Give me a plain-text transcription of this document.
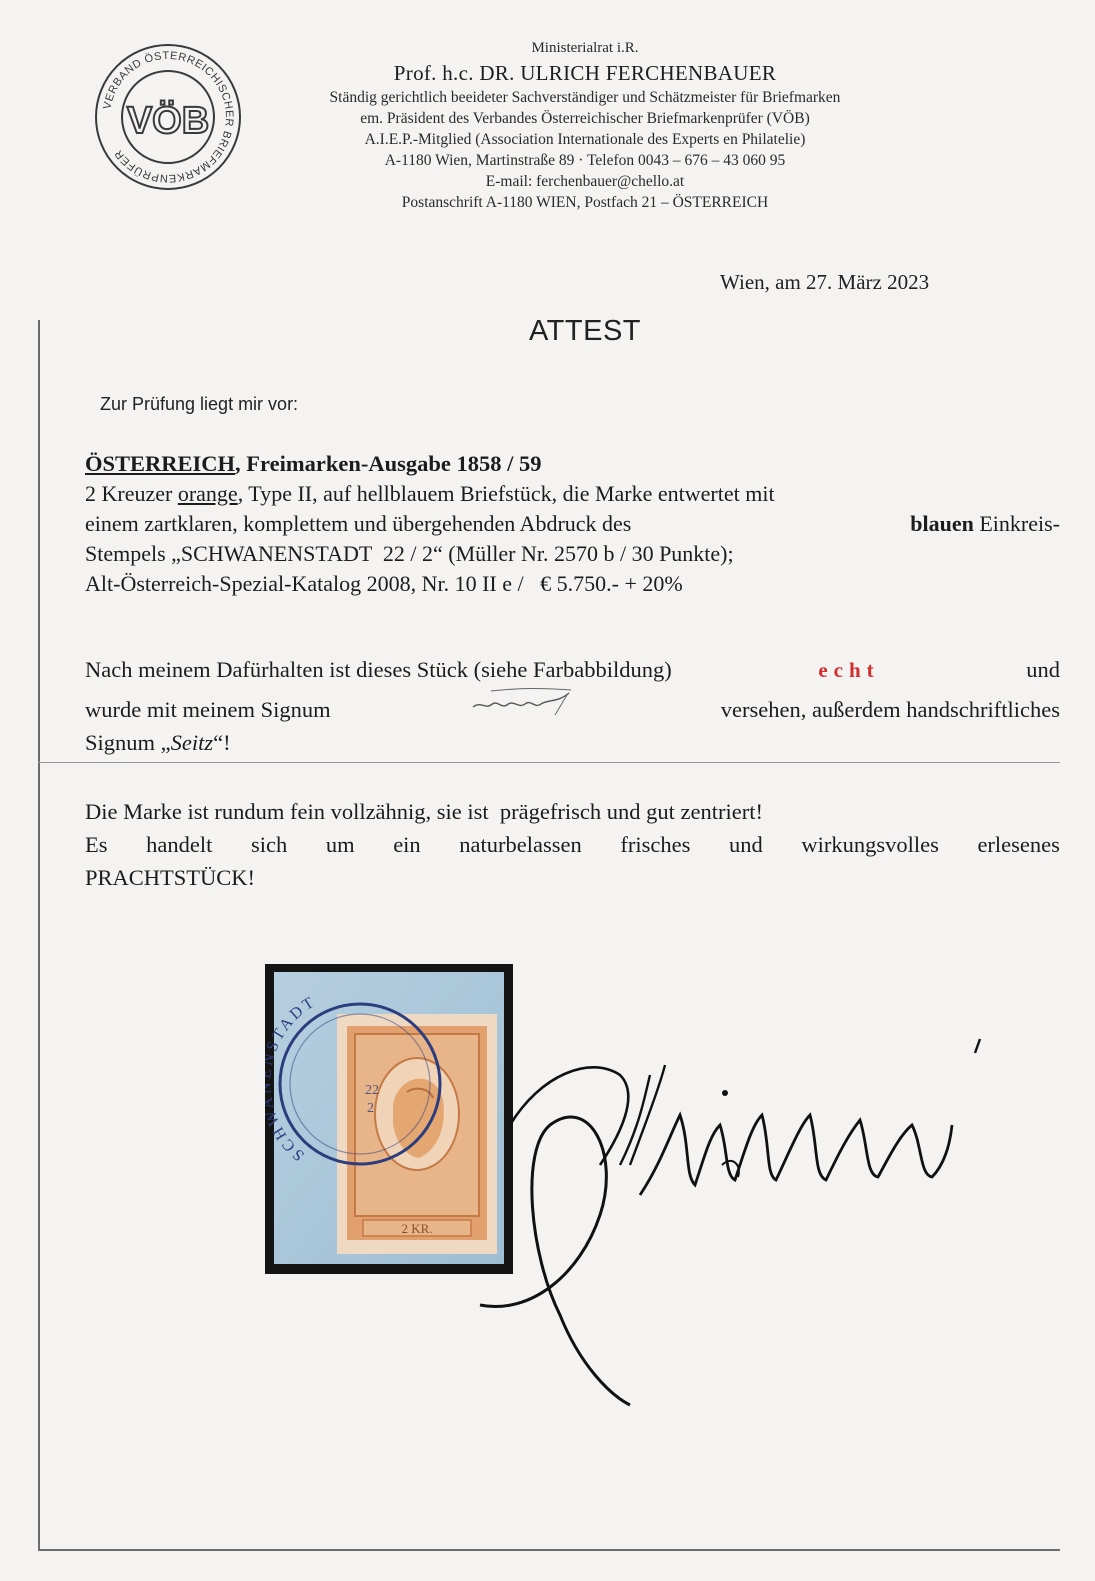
VERBAND ÖSTERREICHISCHER BRIEFMARKENPRÜFER
VÖB
Ministerialrat i.R.
Prof. h.c. DR. ULRICH FERCHENBAUER
Ständig gerichtlich beeideter Sachverständiger und Schätzmeister für Briefmarken
em. Präsident des Verbandes Österreichischer Briefmarkenprüfer (VÖB)
A.I.E.P.-Mitglied (Association Internationale des Experts en Philatelie)
A-1180 Wien, Martinstraße 89 · Telefon 0043 – 676 – 43 060 95
E-mail: ferchenbauer@chello.at
Postanschrift A-1180 WIEN, Postfach 21 – ÖSTERREICH
Wien, am 27. März 2023
ATTEST
Zur Prüfung liegt mir vor:
ÖSTERREICH, Freimarken-Ausgabe 1858 / 59
2 Kreuzer orange, Type II, auf hellblauem Briefstück, die Marke entwertet mit
einem zartklaren, komplettem und übergehenden Abdruck des	blauen Einkreis-
Stempels „SCHWANENSTADT  22 / 2“ (Müller Nr. 2570 b / 30 Punkte);
Alt-Österreich-Spezial-Katalog 2008, Nr. 10 II e /   € 5.750.- + 20%
Nach meinem Dafürhalten ist dieses Stück (siehe Farbabbildung)	echt	und
wurde mit meinem Signum	versehen, außerdem handschriftliches
Signum „Seitz“!
Die Marke ist rundum fein vollzähnig, sie ist  prägefrisch und gut zentriert!
Es handelt sich um ein naturbelassen frisches und wirkungsvolles erlesenes
PRACHTSTÜCK!
2 KR.
SCH STADT
22
2
